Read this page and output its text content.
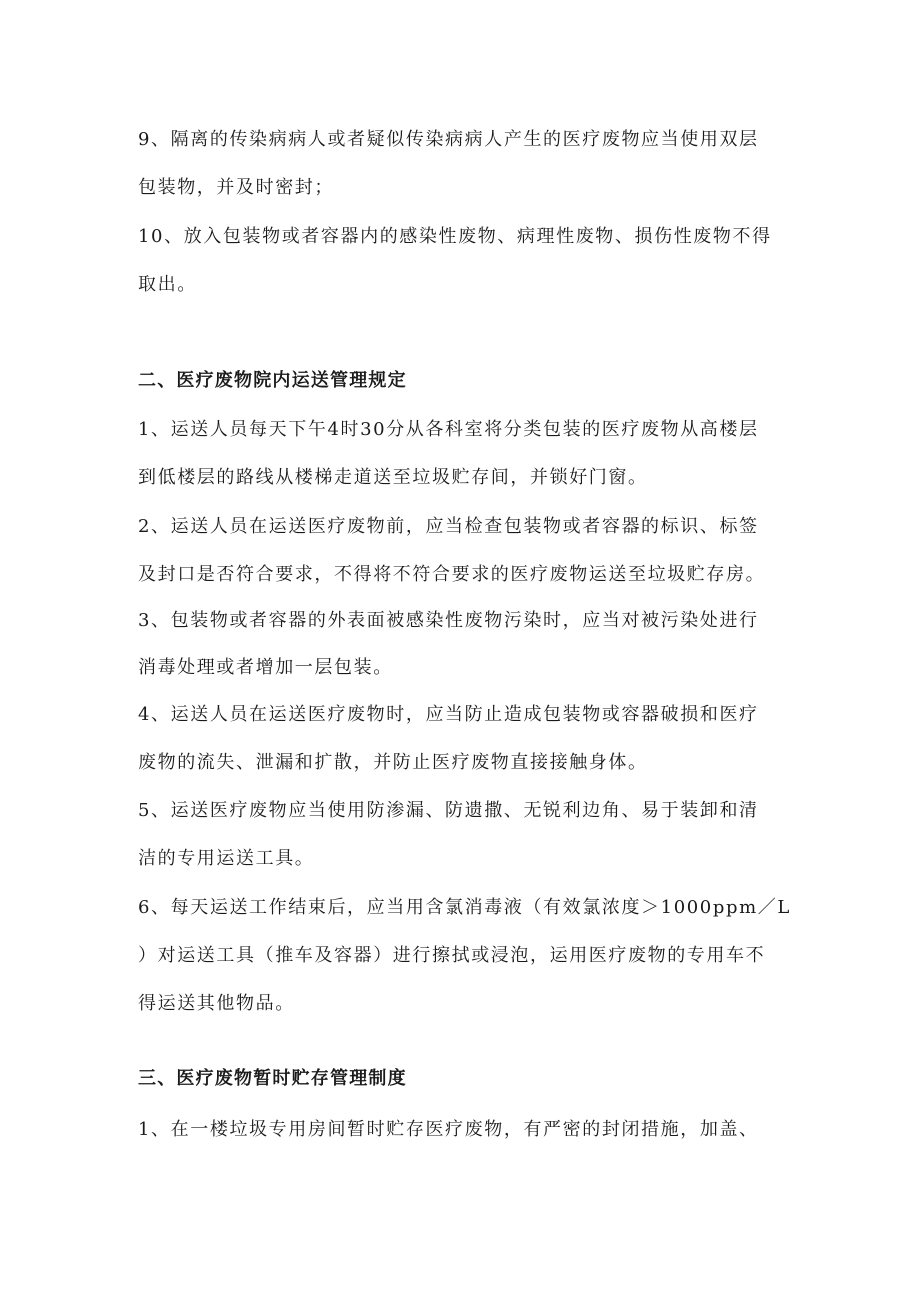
9、隔离的传染病病人或者疑似传染病病人产生的医疗废物应当使用双层
包装物，并及时密封；
10、放入包装物或者容器内的感染性废物、病理性废物、损伤性废物不得
取出。
二、医疗废物院内运送管理规定
1、运送人员每天下午4时30分从各科室将分类包装的医疗废物从高楼层
到低楼层的路线从楼梯走道送至垃圾贮存间，并锁好门窗。
2、运送人员在运送医疗废物前，应当检查包装物或者容器的标识、标签
及封口是否符合要求，不得将不符合要求的医疗废物运送至垃圾贮存房。
3、包装物或者容器的外表面被感染性废物污染时，应当对被污染处进行
消毒处理或者增加一层包装。
4、运送人员在运送医疗废物时，应当防止造成包装物或容器破损和医疗
废物的流失、泄漏和扩散，并防止医疗废物直接接触身体。
5、运送医疗废物应当使用防渗漏、防遗撒、无锐利边角、易于装卸和清
洁的专用运送工具。
6、每天运送工作结束后，应当用含氯消毒液（有效氯浓度＞1000ppm／L
）对运送工具（推车及容器）进行擦拭或浸泡，运用医疗废物的专用车不
得运送其他物品。
三、医疗废物暂时贮存管理制度
1、在一楼垃圾专用房间暂时贮存医疗废物，有严密的封闭措施，加盖、
